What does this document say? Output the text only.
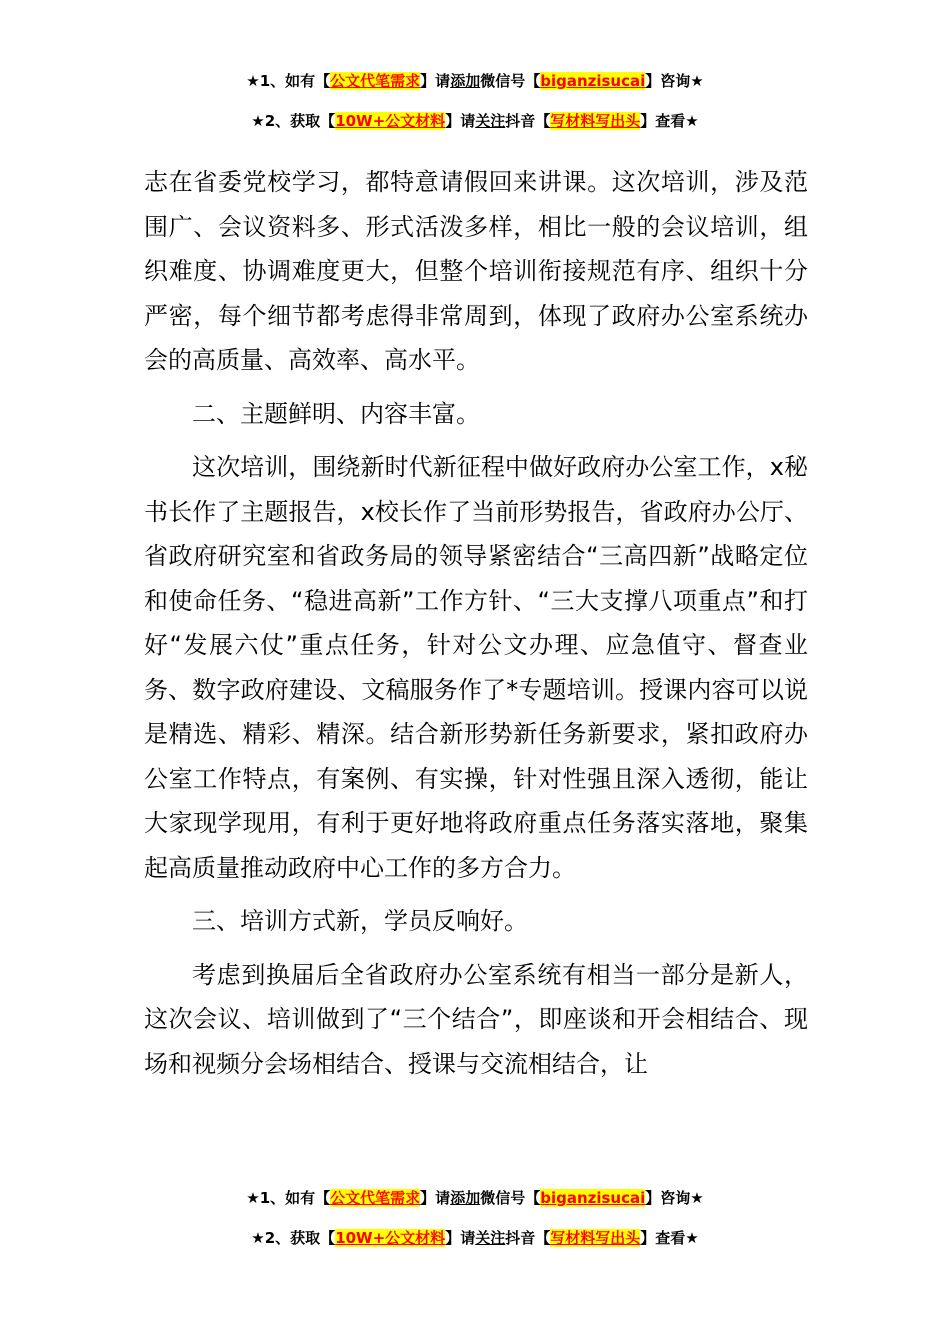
★1、如有【公文代笔需求】请添加微信号【biganzisucai】咨询★
★2、获取【10W+公文材料】请关注抖音【写材料写出头】查看★

志在省委党校学习，都特意请假回来讲课。这次培训，涉及范围广、会议资料多、形式活泼多样，相比一般的会议培训，组织难度、协调难度更大，但整个培训衔接规范有序、组织十分严密，每个细节都考虑得非常周到，体现了政府办公室系统办会的高质量、高效率、高水平。

二、主题鲜明、内容丰富。

这次培训，围绕新时代新征程中做好政府办公室工作，x秘书长作了主题报告，x校长作了当前形势报告，省政府办公厅、省政府研究室和省政务局的领导紧密结合“三高四新”战略定位和使命任务、“稳进高新”工作方针、“三大支撑八项重点”和打好“发展六仗”重点任务，针对公文办理、应急值守、督查业务、数字政府建设、文稿服务作了*专题培训。授课内容可以说是精选、精彩、精深。结合新形势新任务新要求，紧扣政府办公室工作特点，有案例、有实操，针对性强且深入透彻，能让大家现学现用，有利于更好地将政府重点任务落实落地，聚集起高质量推动政府中心工作的多方合力。

三、培训方式新，学员反响好。

考虑到换届后全省政府办公室系统有相当一部分是新人，这次会议、培训做到了“三个结合”，即座谈和开会相结合、现场和视频分会场相结合、授课与交流相结合，让

★1、如有【公文代笔需求】请添加微信号【biganzisucai】咨询★
★2、获取【10W+公文材料】请关注抖音【写材料写出头】查看★
